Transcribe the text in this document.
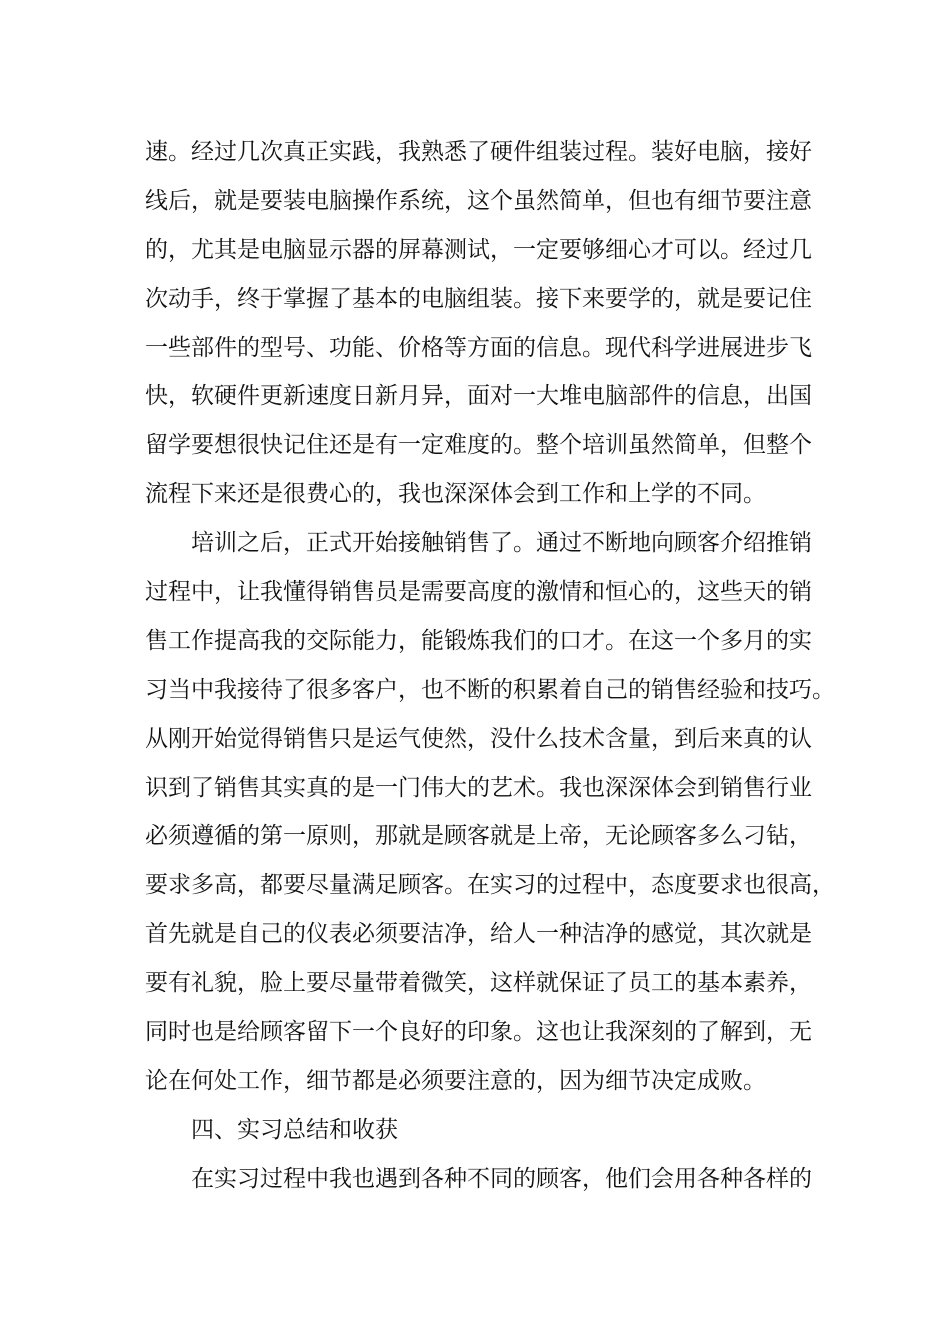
速。经过几次真正实践，我熟悉了硬件组装过程。装好电脑，接好
线后，就是要装电脑操作系统，这个虽然简单，但也有细节要注意
的，尤其是电脑显示器的屏幕测试，一定要够细心才可以。经过几
次动手，终于掌握了基本的电脑组装。接下来要学的，就是要记住
一些部件的型号、功能、价格等方面的信息。现代科学进展进步飞
快，软硬件更新速度日新月异，面对一大堆电脑部件的信息，出国
留学要想很快记住还是有一定难度的。整个培训虽然简单，但整个
流程下来还是很费心的，我也深深体会到工作和上学的不同。
培训之后，正式开始接触销售了。通过不断地向顾客介绍推销
过程中，让我懂得销售员是需要高度的激情和恒心的，这些天的销
售工作提高我的交际能力，能锻炼我们的口才。在这一个多月的实
习当中我接待了很多客户，也不断的积累着自己的销售经验和技巧。
从刚开始觉得销售只是运气使然，没什么技术含量，到后来真的认
识到了销售其实真的是一门伟大的艺术。我也深深体会到销售行业
必须遵循的第一原则，那就是顾客就是上帝，无论顾客多么刁钻，
要求多高，都要尽量满足顾客。在实习的过程中，态度要求也很高，
首先就是自己的仪表必须要洁净，给人一种洁净的感觉，其次就是
要有礼貌，脸上要尽量带着微笑，这样就保证了员工的基本素养，
同时也是给顾客留下一个良好的印象。这也让我深刻的了解到，无
论在何处工作，细节都是必须要注意的，因为细节决定成败。
四、实习总结和收获
在实习过程中我也遇到各种不同的顾客，他们会用各种各样的
